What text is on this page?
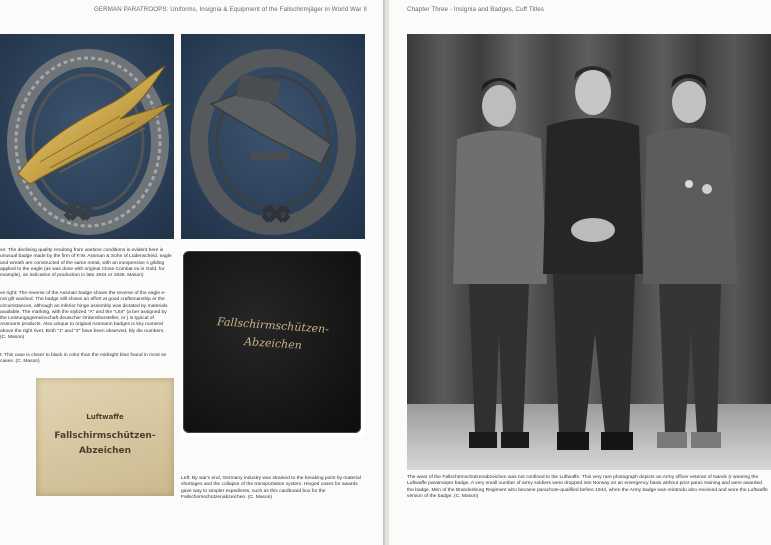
GERMAN PARATROOPS: Uniforms, Insignia & Equipment of the Fallschirmjäger in World War II
ve: The declining quality resulting from wartime conditions is evident here is unusual badge made by the firm of F.W. Assman & Sohn of Lüdenscheid. eagle and wreath are constructed of the same metal, with an inexpensive s gilding applied to the eagle (as was done with original Close Combat es in Gold, for example), an indication of production in late 1944 or 1945. Mason)
ve right: The reverse of the Assman badge shows the reverse of the eagle e-not gilt washed. The badge still shows an effort at good craftsmanship er the circumstances, although an inferior hinge assembly was dictated by materials available. The marking, with the stylized "A" and the "L64" (a ber assigned by the Leistungsgemeinschaft deutscher Ordenshersteller, or ) is typical of Assmann products. Also unique to original Assmann badges is tiny numeral above the right rivet. Both "1" and "2" have been observed, bly die numbers. (C. Mason)
t: This case is closer to black in color than the midnight blue found in most se cases. (C. Mason)
Fallschirmschützen-
Abzeichen
Luftwaffe
Fallschirmschützen-
Abzeichen
Left: By war's end, Germany industry was strained to the breaking point by material shortages and the collapse of the transportation system. Hinged cases for awards gave way to simpler expedients, such as this cardboard box for the Fallschirmschützenabzeichen. (C. Mason)
Chapter Three - Insignia and Badges, Cuff Titles
The wear of the Fallschirmschützenabzeichen was not confined to the Luftwaffe. This very rare photograph depicts an Army officer veteran of Narvik (r wearing the Luftwaffe paratrooper badge. A very small number of army soldiers were dropped into Norway on an emergency basis without prior parac training and were awarded the badge. Men of the Brandenburg Regiment who became parachute-qualified before 1944, when the Army badge was reintrodu also received and wore the Luftwaffe version of the badge. (C. Mason)
